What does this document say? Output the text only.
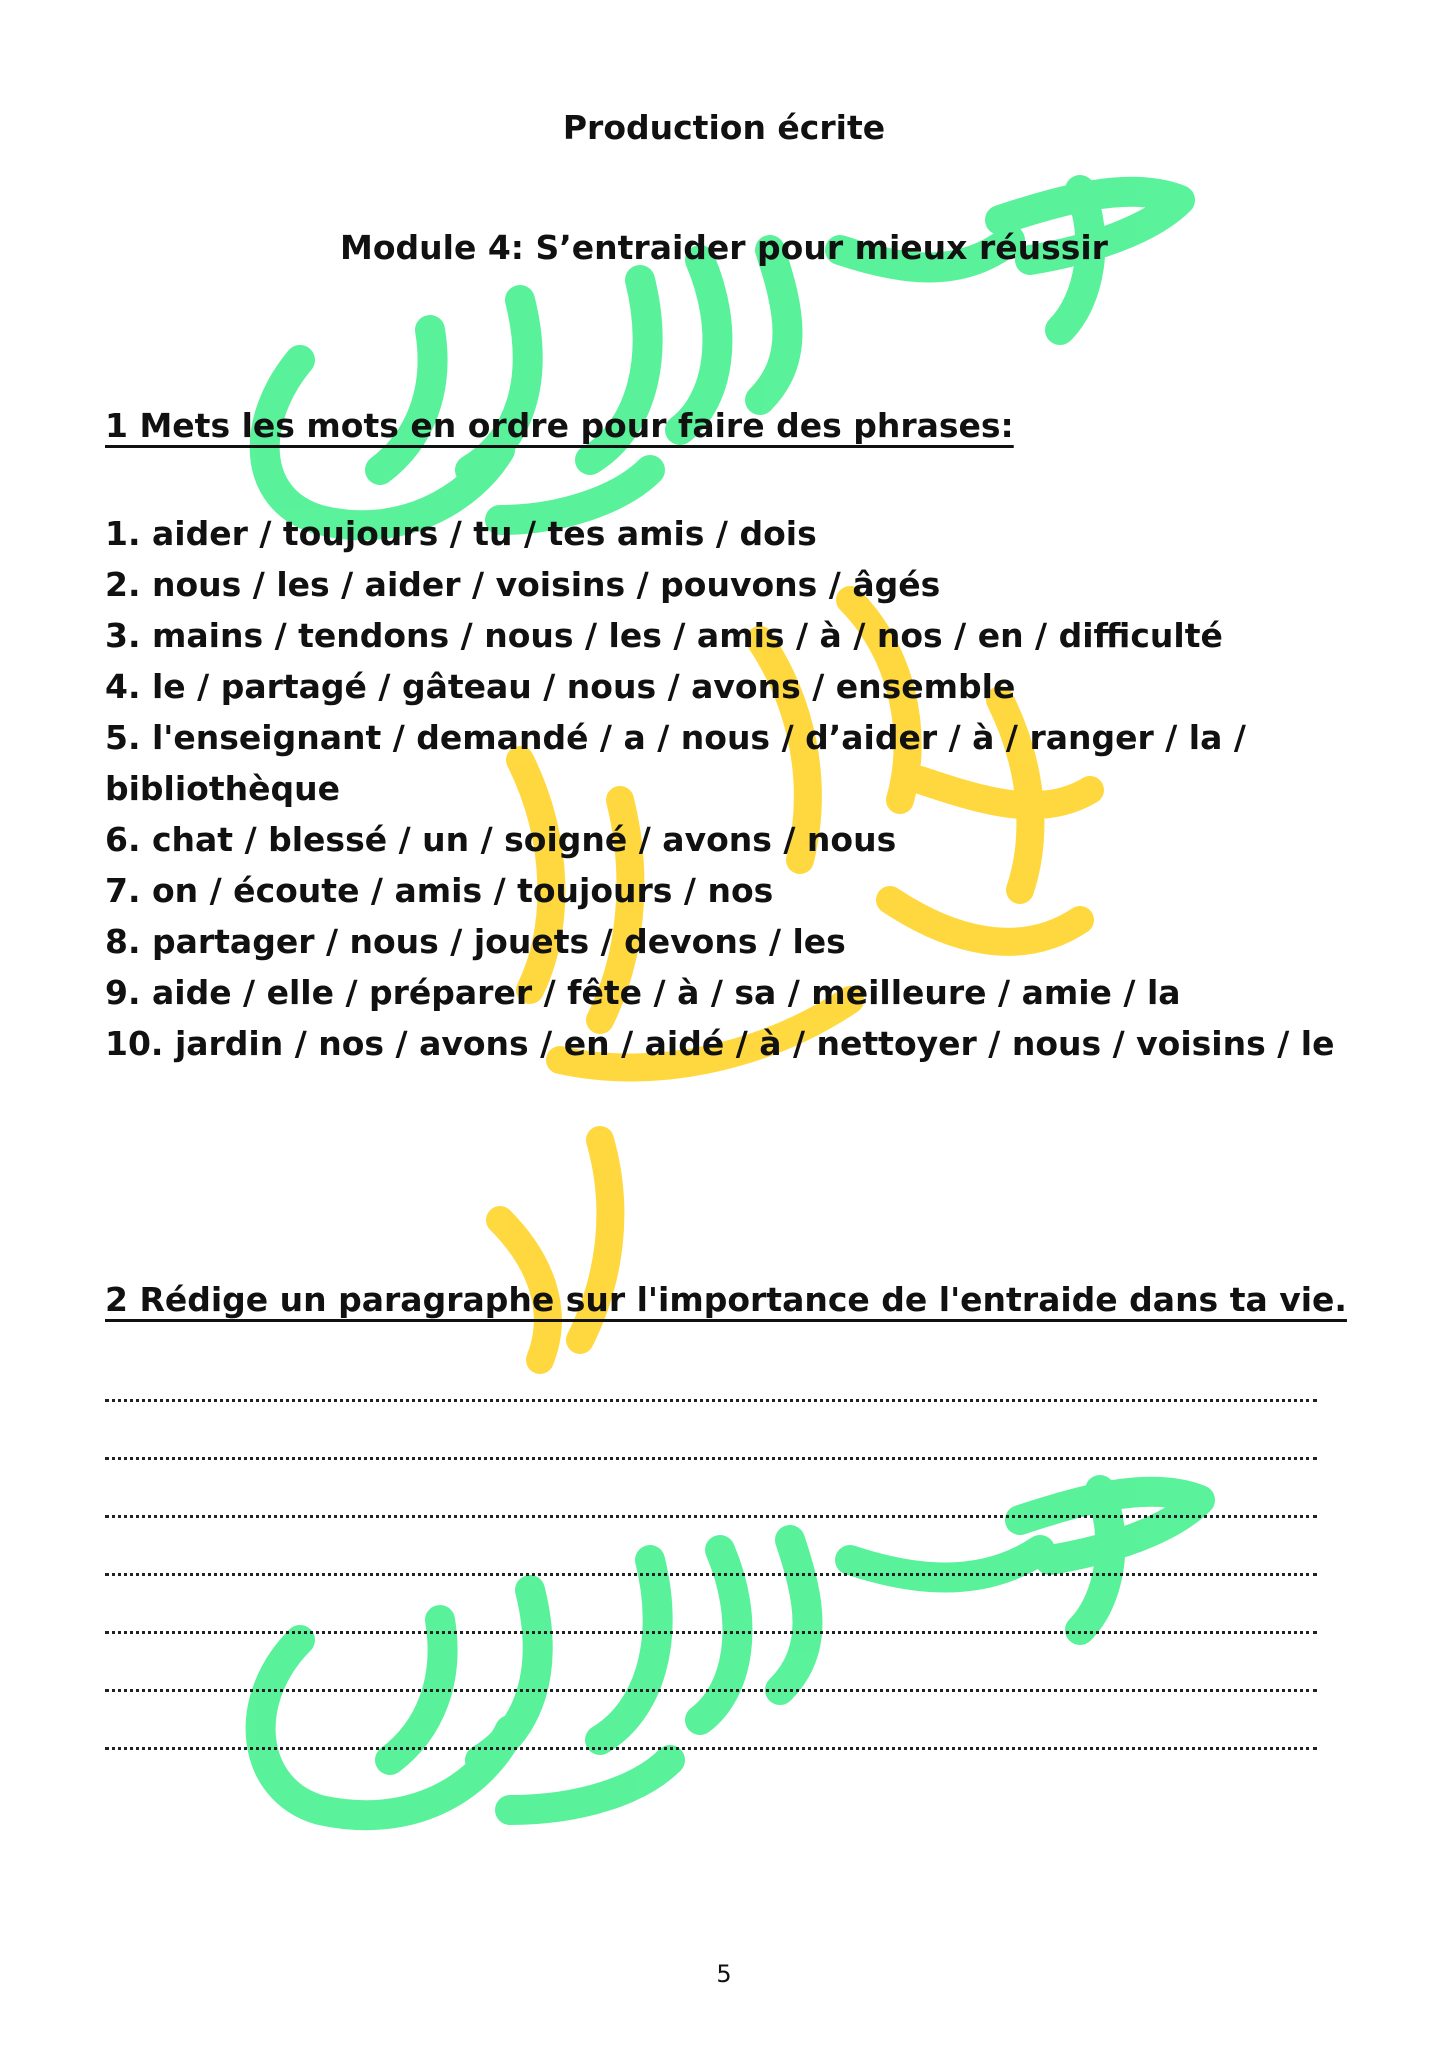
Production écrite
Module 4: S’entraider pour mieux réussir
1 Mets les mots en ordre pour faire des phrases:
1. aider / toujours / tu / tes amis / dois
2. nous / les / aider / voisins / pouvons / âgés
3. mains / tendons / nous / les / amis / à / nos / en / difficulté
4. le / partagé / gâteau / nous / avons / ensemble
5. l'enseignant / demandé / a / nous / d’aider / à / ranger / la / bibliothèque
6. chat / blessé / un / soigné / avons / nous
7. on / écoute / amis / toujours / nos
8. partager / nous / jouets / devons / les
9. aide / elle / préparer / fête / à / sa / meilleure / amie / la
10. jardin / nos / avons / en / aidé / à / nettoyer / nous / voisins / le
2 Rédige un paragraphe sur l'importance de l'entraide dans ta vie.

5
